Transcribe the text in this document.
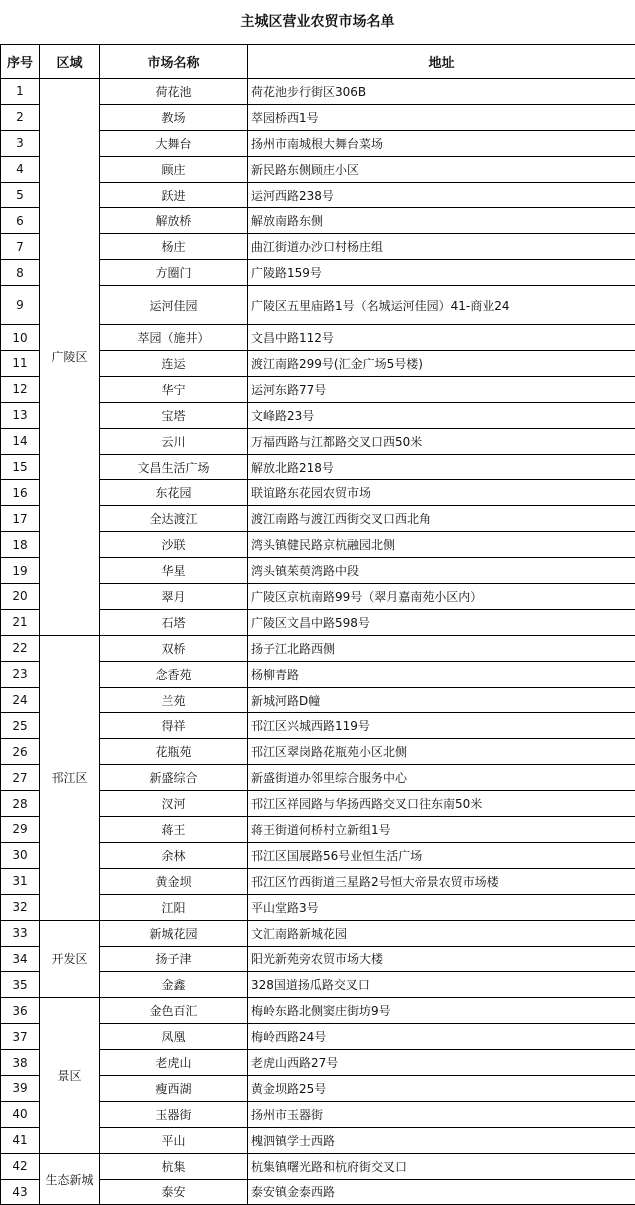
主城区营业农贸市场名单
序号	区域	市场名称	地址
1	广陵区	荷花池	荷花池步行街区306B
2		教场	萃园桥西1号
3		大舞台	扬州市南城根大舞台菜场
4		顾庄	新民路东侧顾庄小区
5		跃进	运河西路238号
6		解放桥	解放南路东侧
7		杨庄	曲江街道办沙口村杨庄组
8		方圈门	广陵路159号
9		运河佳园	广陵区五里庙路1号（名城运河佳园）41-商业24
10		萃园（施井）	文昌中路112号
11		连运	渡江南路299号(汇金广场5号楼)
12		华宁	运河东路77号
13		宝塔	文峰路23号
14		云川	万福西路与江都路交叉口西50米
15		文昌生活广场	解放北路218号
16		东花园	联谊路东花园农贸市场
17		全达渡江	渡江南路与渡江西街交叉口西北角
18		沙联	湾头镇健民路京杭融园北侧
19		华星	湾头镇茱萸湾路中段
20		翠月	广陵区京杭南路99号（翠月嘉南苑小区内）
21		石塔	广陵区文昌中路598号
22	邗江区	双桥	扬子江北路西侧
23		念香苑	杨柳青路
24		兰苑	新城河路D幢
25		得祥	邗江区兴城西路119号
26		花瓶苑	邗江区翠岗路花瓶苑小区北侧
27		新盛综合	新盛街道办邻里综合服务中心
28		汊河	邗江区祥园路与华扬西路交叉口往东南50米
29		蒋王	蒋王街道何桥村立新组1号
30		余林	邗江区国展路56号业恒生活广场
31		黄金坝	邗江区竹西街道三星路2号恒大帝景农贸市场楼
32		江阳	平山堂路3号
33	开发区	新城花园	文汇南路新城花园
34		扬子津	阳光新苑旁农贸市场大楼
35		金鑫	328国道扬瓜路交叉口
36	景区	金色百汇	梅岭东路北侧窦庄街坊9号
37		凤凰	梅岭西路24号
38		老虎山	老虎山西路27号
39		瘦西湖	黄金坝路25号
40		玉器街	扬州市玉器街
41		平山	槐泗镇学士西路
42	生态新城	杭集	杭集镇曙光路和杭府街交叉口
43		泰安	泰安镇金泰西路
